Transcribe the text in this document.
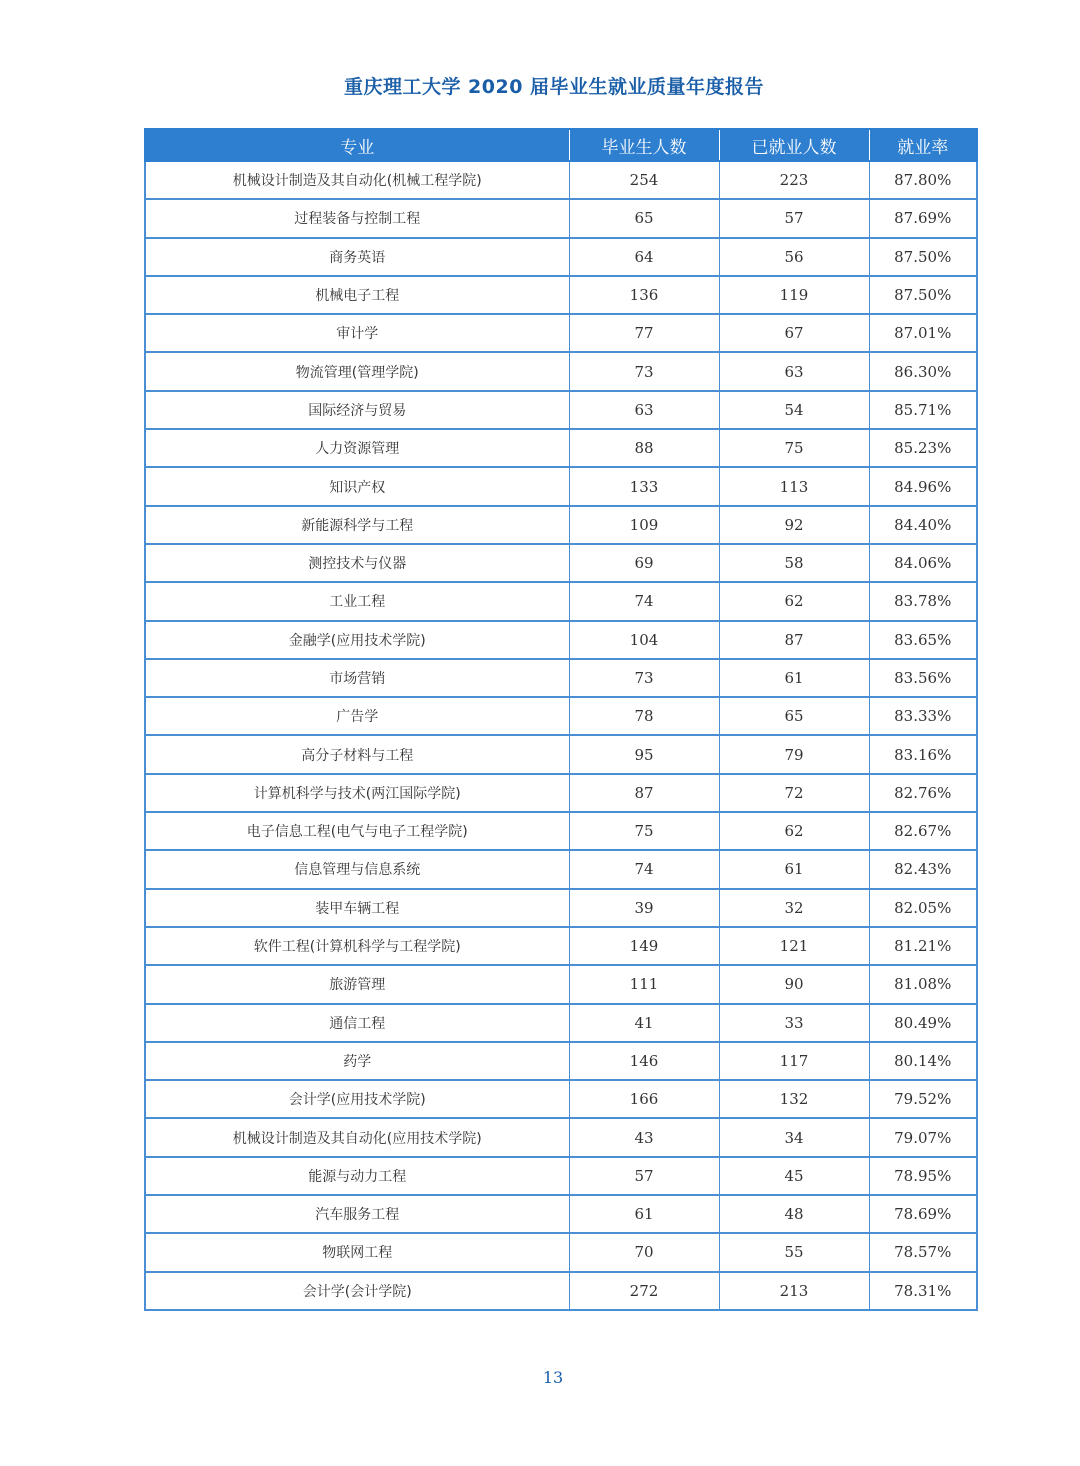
重庆理工大学 2020 届毕业生就业质量年度报告
专业	毕业生人数	已就业人数	就业率
机械设计制造及其自动化(机械工程学院)	254	223	87.80%
过程装备与控制工程	65	57	87.69%
商务英语	64	56	87.50%
机械电子工程	136	119	87.50%
审计学	77	67	87.01%
物流管理(管理学院)	73	63	86.30%
国际经济与贸易	63	54	85.71%
人力资源管理	88	75	85.23%
知识产权	133	113	84.96%
新能源科学与工程	109	92	84.40%
测控技术与仪器	69	58	84.06%
工业工程	74	62	83.78%
金融学(应用技术学院)	104	87	83.65%
市场营销	73	61	83.56%
广告学	78	65	83.33%
高分子材料与工程	95	79	83.16%
计算机科学与技术(两江国际学院)	87	72	82.76%
电子信息工程(电气与电子工程学院)	75	62	82.67%
信息管理与信息系统	74	61	82.43%
装甲车辆工程	39	32	82.05%
软件工程(计算机科学与工程学院)	149	121	81.21%
旅游管理	111	90	81.08%
通信工程	41	33	80.49%
药学	146	117	80.14%
会计学(应用技术学院)	166	132	79.52%
机械设计制造及其自动化(应用技术学院)	43	34	79.07%
能源与动力工程	57	45	78.95%
汽车服务工程	61	48	78.69%
物联网工程	70	55	78.57%
会计学(会计学院)	272	213	78.31%
13
